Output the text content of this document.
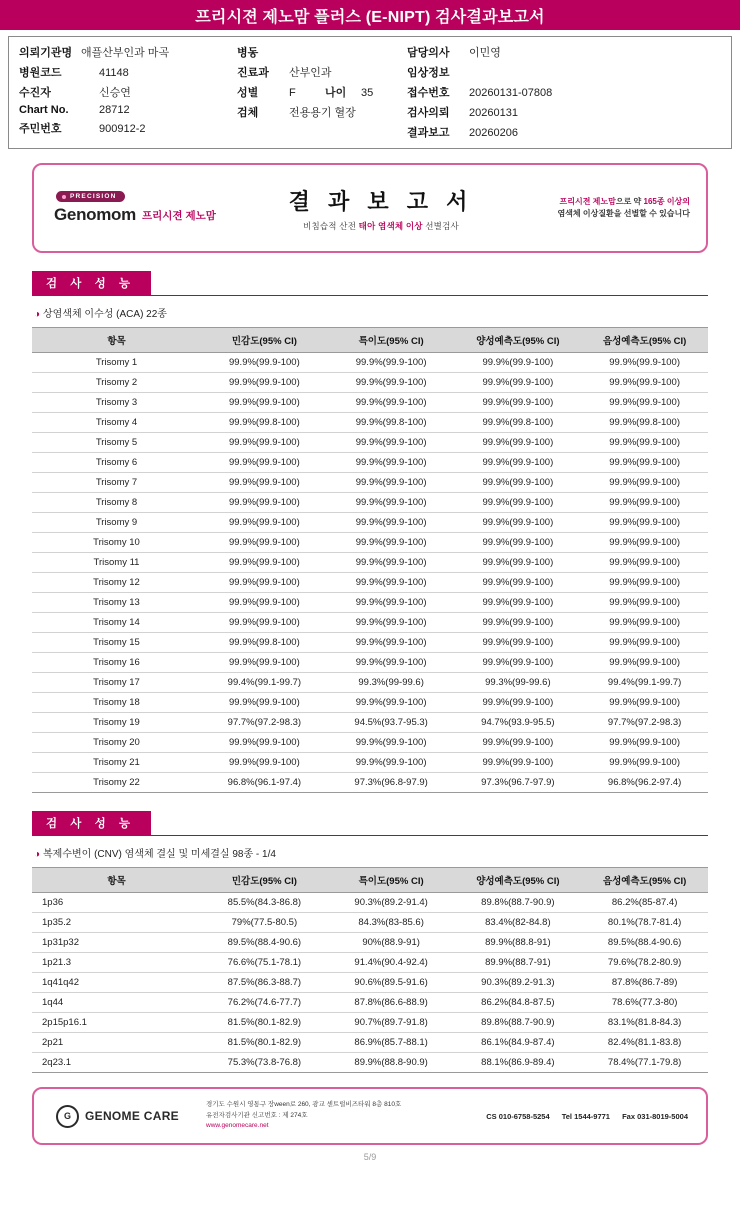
프리시젼 제노맘 플러스 (E-NIPT) 검사결과보고서
의뢰기관명 애플산부인과 마곡
병원코드	41148
수진자	신승연
Chart No.	28712
주민번호	900912-2
병동
진료과	산부인과
성별	F	나이	35
검체	전용용기 혈장
담당의사	이민영
임상정보
접수번호	20260131-07808
검사의뢰	20260131
결과보고	20260206
PRECISION
Genomom 프리시젼 제노맘
결 과 보 고 서
비침습적 산전 태아 염색체 이상 선별검사
프리시젼 제노맘으로 약 165종 이상의
염색체 이상질환을 선별할 수 있습니다
검 사 성 능
◑ 상염색체 이수성 (ACA) 22종
항목	민감도(95% CI)	특이도(95% CI)	양성예측도(95% CI)	음성예측도(95% CI)
Trisomy 1	99.9%(99.9-100)	99.9%(99.9-100)	99.9%(99.9-100)	99.9%(99.9-100)
Trisomy 2	99.9%(99.9-100)	99.9%(99.9-100)	99.9%(99.9-100)	99.9%(99.9-100)
Trisomy 3	99.9%(99.9-100)	99.9%(99.9-100)	99.9%(99.9-100)	99.9%(99.9-100)
Trisomy 4	99.9%(99.8-100)	99.9%(99.8-100)	99.9%(99.8-100)	99.9%(99.8-100)
Trisomy 5	99.9%(99.9-100)	99.9%(99.9-100)	99.9%(99.9-100)	99.9%(99.9-100)
Trisomy 6	99.9%(99.9-100)	99.9%(99.9-100)	99.9%(99.9-100)	99.9%(99.9-100)
Trisomy 7	99.9%(99.9-100)	99.9%(99.9-100)	99.9%(99.9-100)	99.9%(99.9-100)
Trisomy 8	99.9%(99.9-100)	99.9%(99.9-100)	99.9%(99.9-100)	99.9%(99.9-100)
Trisomy 9	99.9%(99.9-100)	99.9%(99.9-100)	99.9%(99.9-100)	99.9%(99.9-100)
Trisomy 10	99.9%(99.9-100)	99.9%(99.9-100)	99.9%(99.9-100)	99.9%(99.9-100)
Trisomy 11	99.9%(99.9-100)	99.9%(99.9-100)	99.9%(99.9-100)	99.9%(99.9-100)
Trisomy 12	99.9%(99.9-100)	99.9%(99.9-100)	99.9%(99.9-100)	99.9%(99.9-100)
Trisomy 13	99.9%(99.9-100)	99.9%(99.9-100)	99.9%(99.9-100)	99.9%(99.9-100)
Trisomy 14	99.9%(99.9-100)	99.9%(99.9-100)	99.9%(99.9-100)	99.9%(99.9-100)
Trisomy 15	99.9%(99.8-100)	99.9%(99.9-100)	99.9%(99.9-100)	99.9%(99.9-100)
Trisomy 16	99.9%(99.9-100)	99.9%(99.9-100)	99.9%(99.9-100)	99.9%(99.9-100)
Trisomy 17	99.4%(99.1-99.7)	99.3%(99-99.6)	99.3%(99-99.6)	99.4%(99.1-99.7)
Trisomy 18	99.9%(99.9-100)	99.9%(99.9-100)	99.9%(99.9-100)	99.9%(99.9-100)
Trisomy 19	97.7%(97.2-98.3)	94.5%(93.7-95.3)	94.7%(93.9-95.5)	97.7%(97.2-98.3)
Trisomy 20	99.9%(99.9-100)	99.9%(99.9-100)	99.9%(99.9-100)	99.9%(99.9-100)
Trisomy 21	99.9%(99.9-100)	99.9%(99.9-100)	99.9%(99.9-100)	99.9%(99.9-100)
Trisomy 22	96.8%(96.1-97.4)	97.3%(96.8-97.9)	97.3%(96.7-97.9)	96.8%(96.2-97.4)
검 사 성 능
◑ 복제수변이 (CNV) 염색체 결실 및 미세결실 98종 - 1/4
항목	민감도(95% CI)	특이도(95% CI)	양성예측도(95% CI)	음성예측도(95% CI)
1p36	85.5%(84.3-86.8)	90.3%(89.2-91.4)	89.8%(88.7-90.9)	86.2%(85-87.4)
1p35.2	79%(77.5-80.5)	84.3%(83-85.6)	83.4%(82-84.8)	80.1%(78.7-81.4)
1p31p32	89.5%(88.4-90.6)	90%(88.9-91)	89.9%(88.8-91)	89.5%(88.4-90.6)
1p21.3	76.6%(75.1-78.1)	91.4%(90.4-92.4)	89.9%(88.7-91)	79.6%(78.2-80.9)
1q41q42	87.5%(86.3-88.7)	90.6%(89.5-91.6)	90.3%(89.2-91.3)	87.8%(86.7-89)
1q44	76.2%(74.6-77.7)	87.8%(86.6-88.9)	86.2%(84.8-87.5)	78.6%(77.3-80)
2p15p16.1	81.5%(80.1-82.9)	90.7%(89.7-91.8)	89.8%(88.7-90.9)	83.1%(81.8-84.3)
2p21	81.5%(80.1-82.9)	86.9%(85.7-88.1)	86.1%(84.9-87.4)	82.4%(81.1-83.8)
2q23.1	75.3%(73.8-76.8)	89.9%(88.8-90.9)	88.1%(86.9-89.4)	78.4%(77.1-79.8)
G	GENOME CARE
경기도 수원시 영통구 장ween로 260, 광교 센트럴비즈타워 8층 810호
유전자검사기관 신고번호 : 제 274호
www.genomecare.net
CS 010-6758-5254 Tel 1544-9771 Fax 031-8019-5004
5/9
